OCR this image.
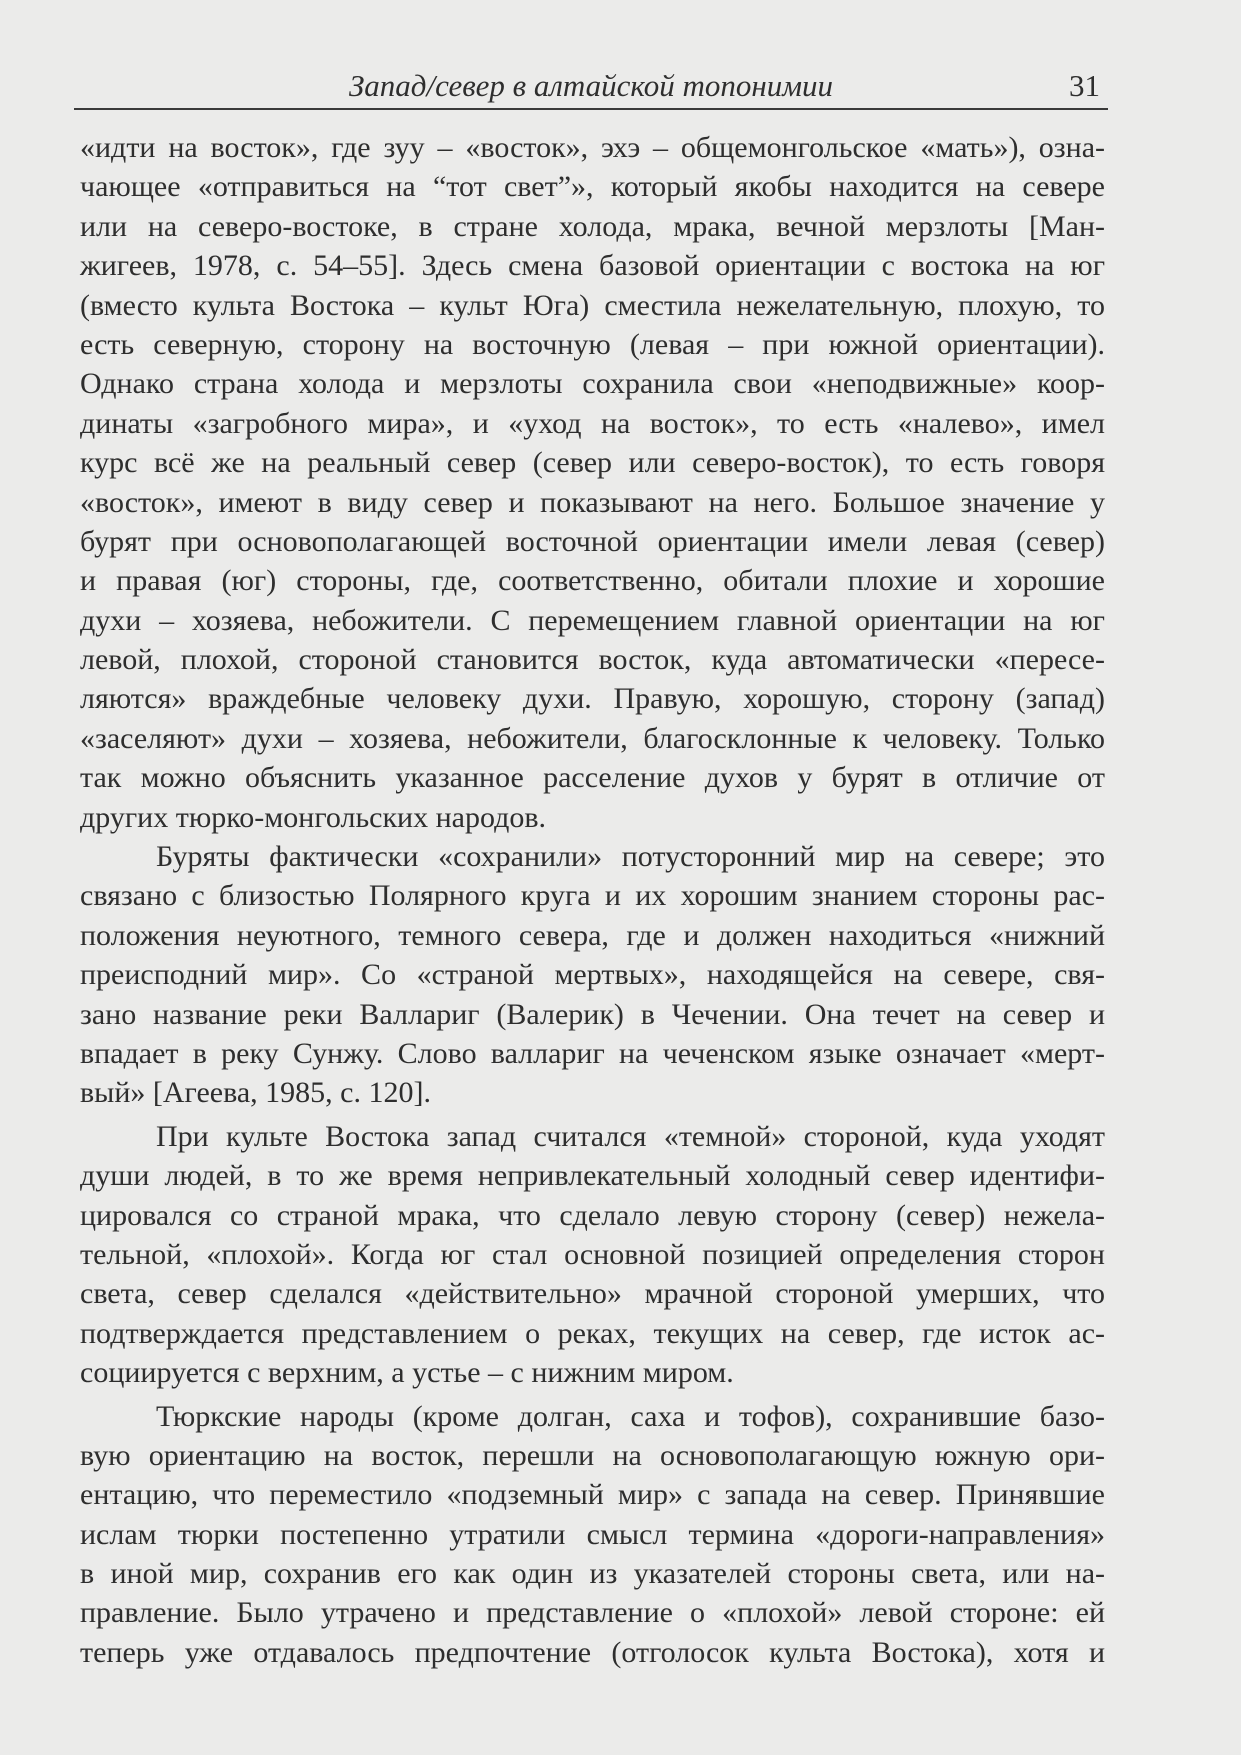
Запад/север в алтайской топонимии	31

«идти на восток», где зуу – «восток», эхэ – общемонгольское «мать»), озна-
чающее «отправиться на “тот свет”», который якобы находится на севере
или на северо-востоке, в стране холода, мрака, вечной мерзлоты [Ман-
жигеев, 1978, с. 54–55]. Здесь смена базовой ориентации с востока на юг
(вместо культа Востока – культ Юга) сместила нежелательную, плохую, то
есть северную, сторону на восточную (левая – при южной ориентации).
Однако страна холода и мерзлоты сохранила свои «неподвижные» коор-
динаты «загробного мира», и «уход на восток», то есть «налево», имел
курс всё же на реальный север (север или северо-восток), то есть говоря
«восток», имеют в виду север и показывают на него. Большое значение у
бурят при основополагающей восточной ориентации имели левая (север)
и правая (юг) стороны, где, соответственно, обитали плохие и хорошие
духи – хозяева, небожители. С перемещением главной ориентации на юг
левой, плохой, стороной становится восток, куда автоматически «пересе-
ляются» враждебные человеку духи. Правую, хорошую, сторону (запад)
«заселяют» духи – хозяева, небожители, благосклонные к человеку. Только
так можно объяснить указанное расселение духов у бурят в отличие от
других тюрко-монгольских народов.

Буряты фактически «сохранили» потусторонний мир на севере; это
связано с близостью Полярного круга и их хорошим знанием стороны рас-
положения неуютного, темного севера, где и должен находиться «нижний
преисподний мир». Со «страной мертвых», находящейся на севере, свя-
зано название реки Валлариг (Валерик) в Чечении. Она течет на север и
впадает в реку Сунжу. Слово валлариг на чеченском языке означает «мерт-
вый» [Агеева, 1985, с. 120].

При культе Востока запад считался «темной» стороной, куда уходят
души людей, в то же время непривлекательный холодный север идентифи-
цировался со страной мрака, что сделало левую сторону (север) нежела-
тельной, «плохой». Когда юг стал основной позицией определения сторон
света, север сделался «действительно» мрачной стороной умерших, что
подтверждается представлением о реках, текущих на север, где исток ас-
социируется с верхним, а устье – с нижним миром.

Тюркские народы (кроме долган, саха и тофов), сохранившие базо-
вую ориентацию на восток, перешли на основополагающую южную ори-
ентацию, что переместило «подземный мир» с запада на север. Принявшие
ислам тюрки постепенно утратили смысл термина «дороги-направления»
в иной мир, сохранив его как один из указателей стороны света, или на-
правление. Было утрачено и представление о «плохой» левой стороне: ей
теперь уже отдавалось предпочтение (отголосок культа Востока), хотя и
